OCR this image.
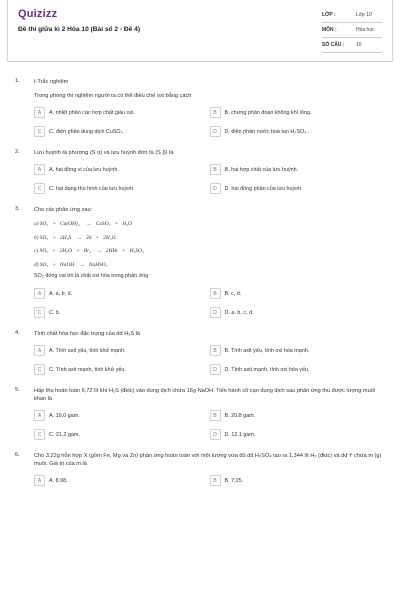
Quizizz
Đề thi giữa kì 2 Hóa 10 (Bài số 2 - Đề 4)
LỚP :	Lớp 10
MÔN :	Hóa học
SỐ CÂU :	10
1.	I-Trắc nghiệm
Trong phòng thí nghiệm người ta có thể điều chế oxi bằng cách
A	A. nhiệt phân các hợp chất giàu oxi.	B	B. chưng phân đoạn không khí lỏng.
C	C. điện phân dung dịch CuSO₄ .	D	D. điện phân nước hoà tan H₂SO₄ .
2.	Lưu huỳnh tà phương (S α) và lưu huỳnh đơn tà (S β) là
A	A. hai đồng vị của lưu huỳnh.	B	B. hai hợp chất của lưu huỳnh.
C	C. hai dạng thù hình của lưu huỳnh.	D	D. hai đồng phân của lưu huỳnh.
3.	Cho các phản ứng sau:
a) SO₂   +   Ca(OH)₂     →   CaSO₃   +   H₂O
b) SO₂   +   2H₂S    →   3S   +   2H₂O
c) SO₂   +   2H₂O   +   Br₂    →   2HBr   +   H₂SO₄
d) SO₂   +   NaOH    →   NaHSO₃
SO₂ đóng vai trò là chất oxi hóa trong phản ứng
A	A. a, b, d.	B	B. c, d.
C	C. b.	D	D. a, b, c, d.
4.	Tính chất hóa học đặc trưng của dd H₂S là
A	A. Tính axit yếu, tính khử mạnh.	B	B. Tính axit yếu, tính oxi hóa mạnh.
C	C. Tính axit mạnh, tính khử yếu.	D	D. Tính axit mạnh, tính oxi hóa yếu.
5.	Hấp thụ hoàn toàn 6,72 lít khí H₂S (đktc) vào dung dịch chứa 16g NaOH. Tiến hành cô cạn dung dịch sau phản ứng thu được lượng muối khan là
A	A. 19,0 gam.	B	B. 20,8 gam.
C	C. 21,2 gam.	D	D. 12,1 gam.
6.	Cho 3,22g hỗn hợp X (gồm Fe, Mg và Zn) phản ứng hoàn toàn với một lượng vừa đủ dd H₂SO₄ tạo ra 1,344 lít H₂ (đktc) và dd Y chứa m (g) muối. Giá trị của m là
A	A. 8,98.	B	B. 7,25.
